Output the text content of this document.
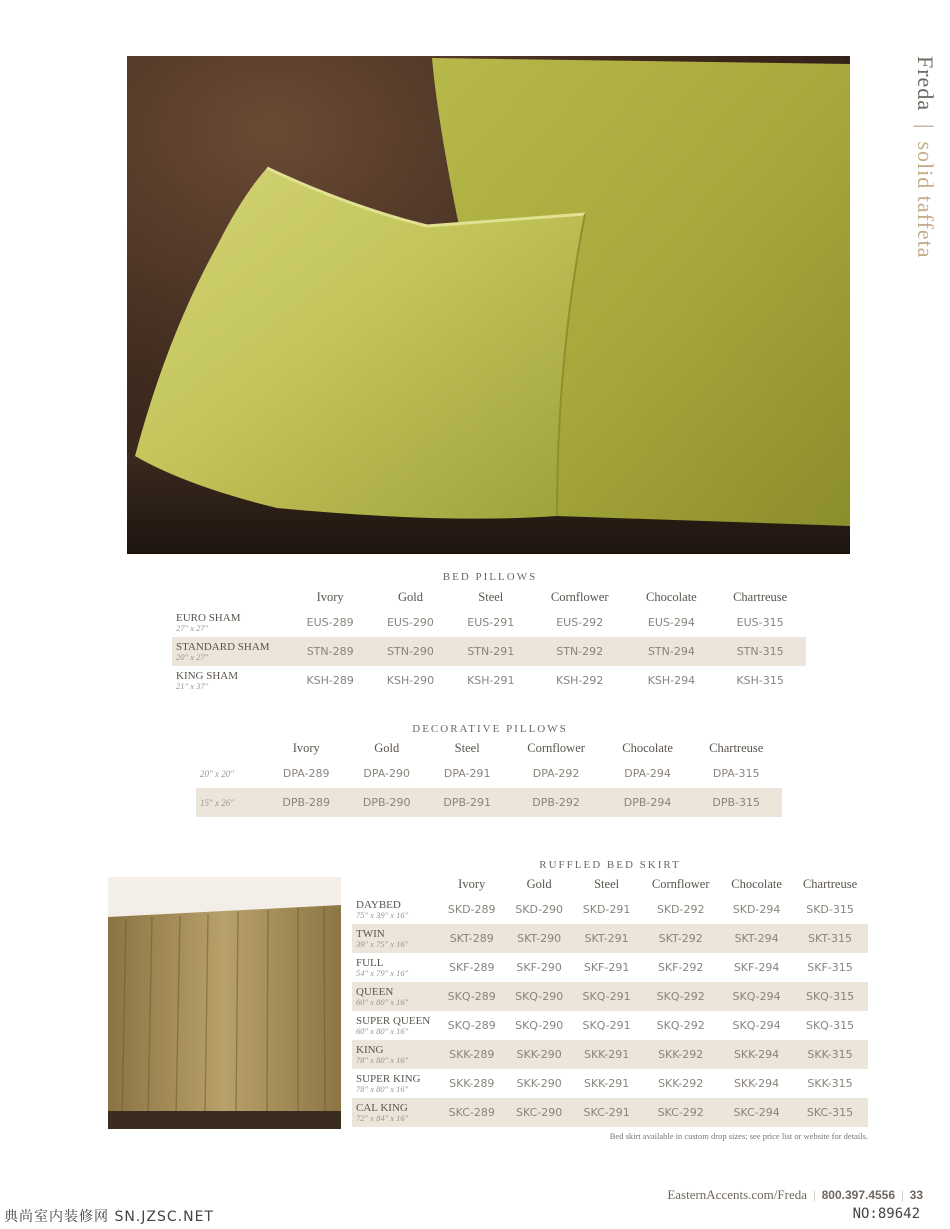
Freda | solid taffeta
BED PILLOWS
	Ivory	Gold	Steel	Cornflower	Chocolate	Chartreuse

EURO SHAM
27" x 27"	EUS-289	EUS-290	EUS-291	EUS-292	EUS-294	EUS-315

STANDARD SHAM
20" x 27"	STN-289	STN-290	STN-291	STN-292	STN-294	STN-315

KING SHAM
21" x 37"	KSH-289	KSH-290	KSH-291	KSH-292	KSH-294	KSH-315
DECORATIVE PILLOWS
	Ivory	Gold	Steel	Cornflower	Chocolate	Chartreuse
20" x 20"	DPA-289	DPA-290	DPA-291	DPA-292	DPA-294	DPA-315
15" x 26"	DPB-289	DPB-290	DPB-291	DPB-292	DPB-294	DPB-315
RUFFLED BED SKIRT
	Ivory	Gold	Steel	Cornflower	Chocolate	Chartreuse

DAYBED
75" x 39" x 16"	SKD-289	SKD-290	SKD-291	SKD-292	SKD-294	SKD-315

TWIN
39" x 75" x 16"	SKT-289	SKT-290	SKT-291	SKT-292	SKT-294	SKT-315

FULL
54" x 79" x 16"	SKF-289	SKF-290	SKF-291	SKF-292	SKF-294	SKF-315

QUEEN
60" x 80" x 16"	SKQ-289	SKQ-290	SKQ-291	SKQ-292	SKQ-294	SKQ-315

SUPER QUEEN
60" x 80" x 16"	SKQ-289	SKQ-290	SKQ-291	SKQ-292	SKQ-294	SKQ-315

KING
78" x 80" x 16"	SKK-289	SKK-290	SKK-291	SKK-292	SKK-294	SKK-315

SUPER KING
78" x 80" x 16"	SKK-289	SKK-290	SKK-291	SKK-292	SKK-294	SKK-315

CAL KING
72" x 84" x 16"	SKC-289	SKC-290	SKC-291	SKC-292	SKC-294	SKC-315
Bed skirt available in custom drop sizes; see price list or website for details.
EasternAccents.com/Freda | 800.397.4556 | 33
典尚室内装修网 SN.JZSC.NET	NO:89642
